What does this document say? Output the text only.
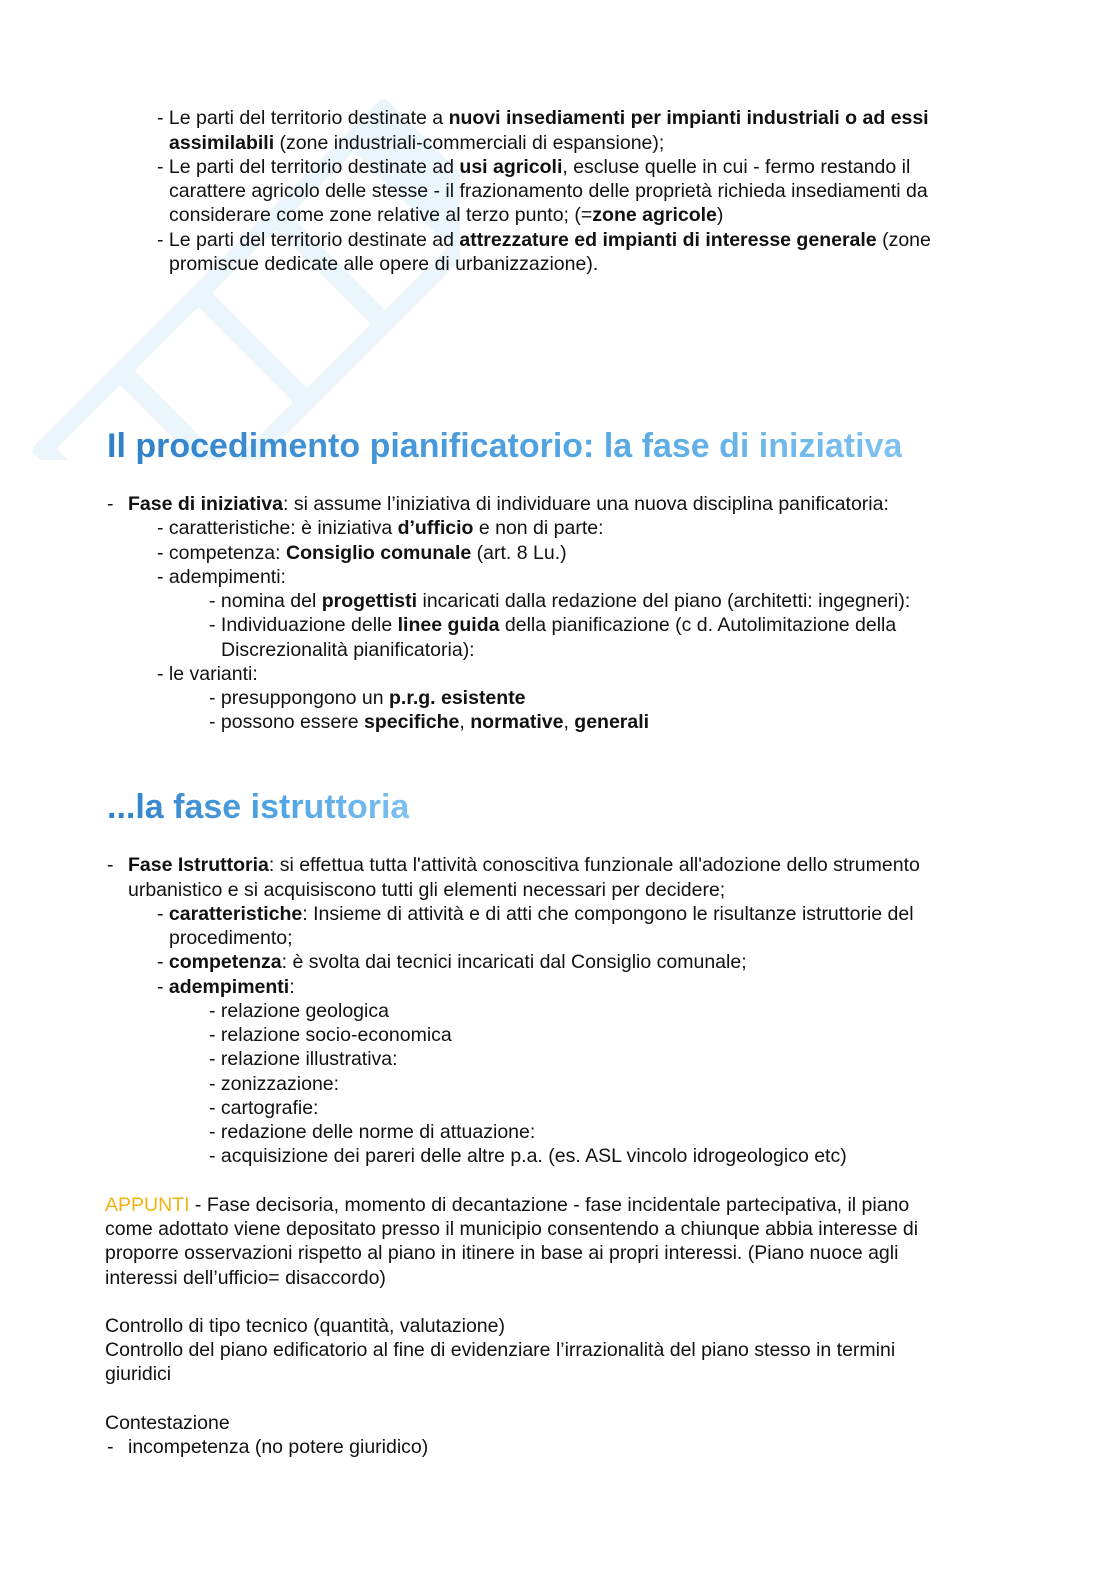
- Le parti del territorio destinate a nuovi insediamenti per impianti industriali o ad essi
assimilabili (zone industriali-commerciali di espansione);
- Le parti del territorio destinate ad usi agricoli, escluse quelle in cui - fermo restando il
carattere agricolo delle stesse - il frazionamento delle proprietà richieda insediamenti da
considerare come zone relative al terzo punto; (=zone agricole)
- Le parti del territorio destinate ad attrezzature ed impianti di interesse generale (zone
promiscue dedicate alle opere di urbanizzazione).
Il procedimento pianificatorio: la fase di iniziativa
- Fase di iniziativa: si assume l’iniziativa di individuare una nuova disciplina panificatoria:
- caratteristiche: è iniziativa d’ufficio e non di parte:
- competenza: Consiglio comunale (art. 8 Lu.)
- adempimenti:
- nomina del progettisti incaricati dalla redazione del piano (architetti: ingegneri):
- Individuazione delle linee guida della pianificazione (c d. Autolimitazione della
Discrezionalità pianificatoria):
- le varianti:
- presuppongono un p.r.g. esistente
- possono essere specifiche, normative, generali
...la fase istruttoria
- Fase Istruttoria: si effettua tutta l'attività conoscitiva funzionale all'adozione dello strumento
urbanistico e si acquisiscono tutti gli elementi necessari per decidere;
- caratteristiche: Insieme di attività e di atti che compongono le risultanze istruttorie del
procedimento;
- competenza: è svolta dai tecnici incaricati dal Consiglio comunale;
- adempimenti:
- relazione geologica
- relazione socio-economica
- relazione illustrativa:
- zonizzazione:
- cartografie:
- redazione delle norme di attuazione:
- acquisizione dei pareri delle altre p.a. (es. ASL vincolo idrogeologico etc)
APPUNTI - Fase decisoria, momento di decantazione - fase incidentale partecipativa, il piano
come adottato viene depositato presso il municipio consentendo a chiunque abbia interesse di
proporre osservazioni rispetto al piano in itinere in base ai propri interessi. (Piano nuoce agli
interessi dell’ufficio= disaccordo)
Controllo di tipo tecnico (quantità, valutazione)
Controllo del piano edificatorio al fine di evidenziare l’irrazionalità del piano stesso in termini
giuridici
Contestazione
- incompetenza (no potere giuridico)
